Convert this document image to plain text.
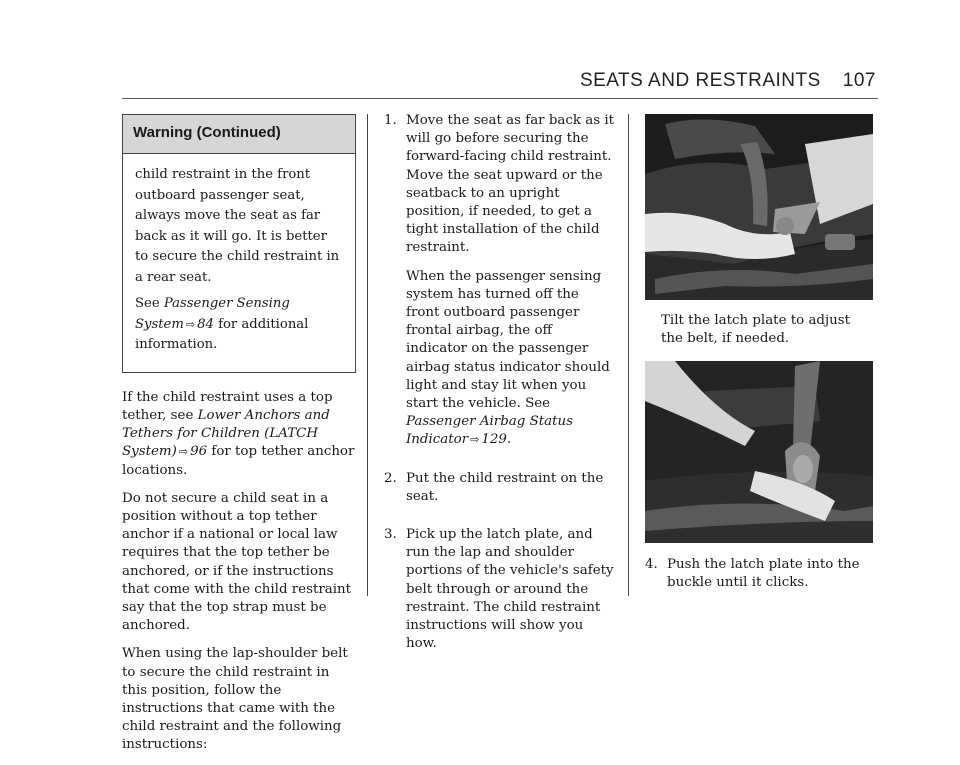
SEATS AND RESTRAINTS 107
Warning (Continued)

child restraint in the front outboard passenger seat, always move the seat as far back as it will go. It is better to secure the child restraint in a rear seat.

See Passenger Sensing System ⇨ 84 for additional information.

If the child restraint uses a top tether, see Lower Anchors and Tethers for Children (LATCH System) ⇨ 96 for top tether anchor locations.

Do not secure a child seat in a position without a top tether anchor if a national or local law requires that the top tether be anchored, or if the instructions that come with the child restraint say that the top strap must be anchored.

When using the lap-shoulder belt to secure the child restraint in this position, follow the instructions that came with the child restraint and the following instructions:

1. Move the seat as far back as it will go before securing the forward-facing child restraint. Move the seat upward or the seatback to an upright position, if needed, to get a tight installation of the child restraint.

When the passenger sensing system has turned off the front outboard passenger frontal airbag, the off indicator on the passenger airbag status indicator should light and stay lit when you start the vehicle. See Passenger Airbag Status Indicator ⇨ 129.

2. Put the child restraint on the seat.

3. Pick up the latch plate, and run the lap and shoulder portions of the vehicle's safety belt through or around the restraint. The child restraint instructions will show you how.

Tilt the latch plate to adjust the belt, if needed.
4. Push the latch plate into the buckle until it clicks.
